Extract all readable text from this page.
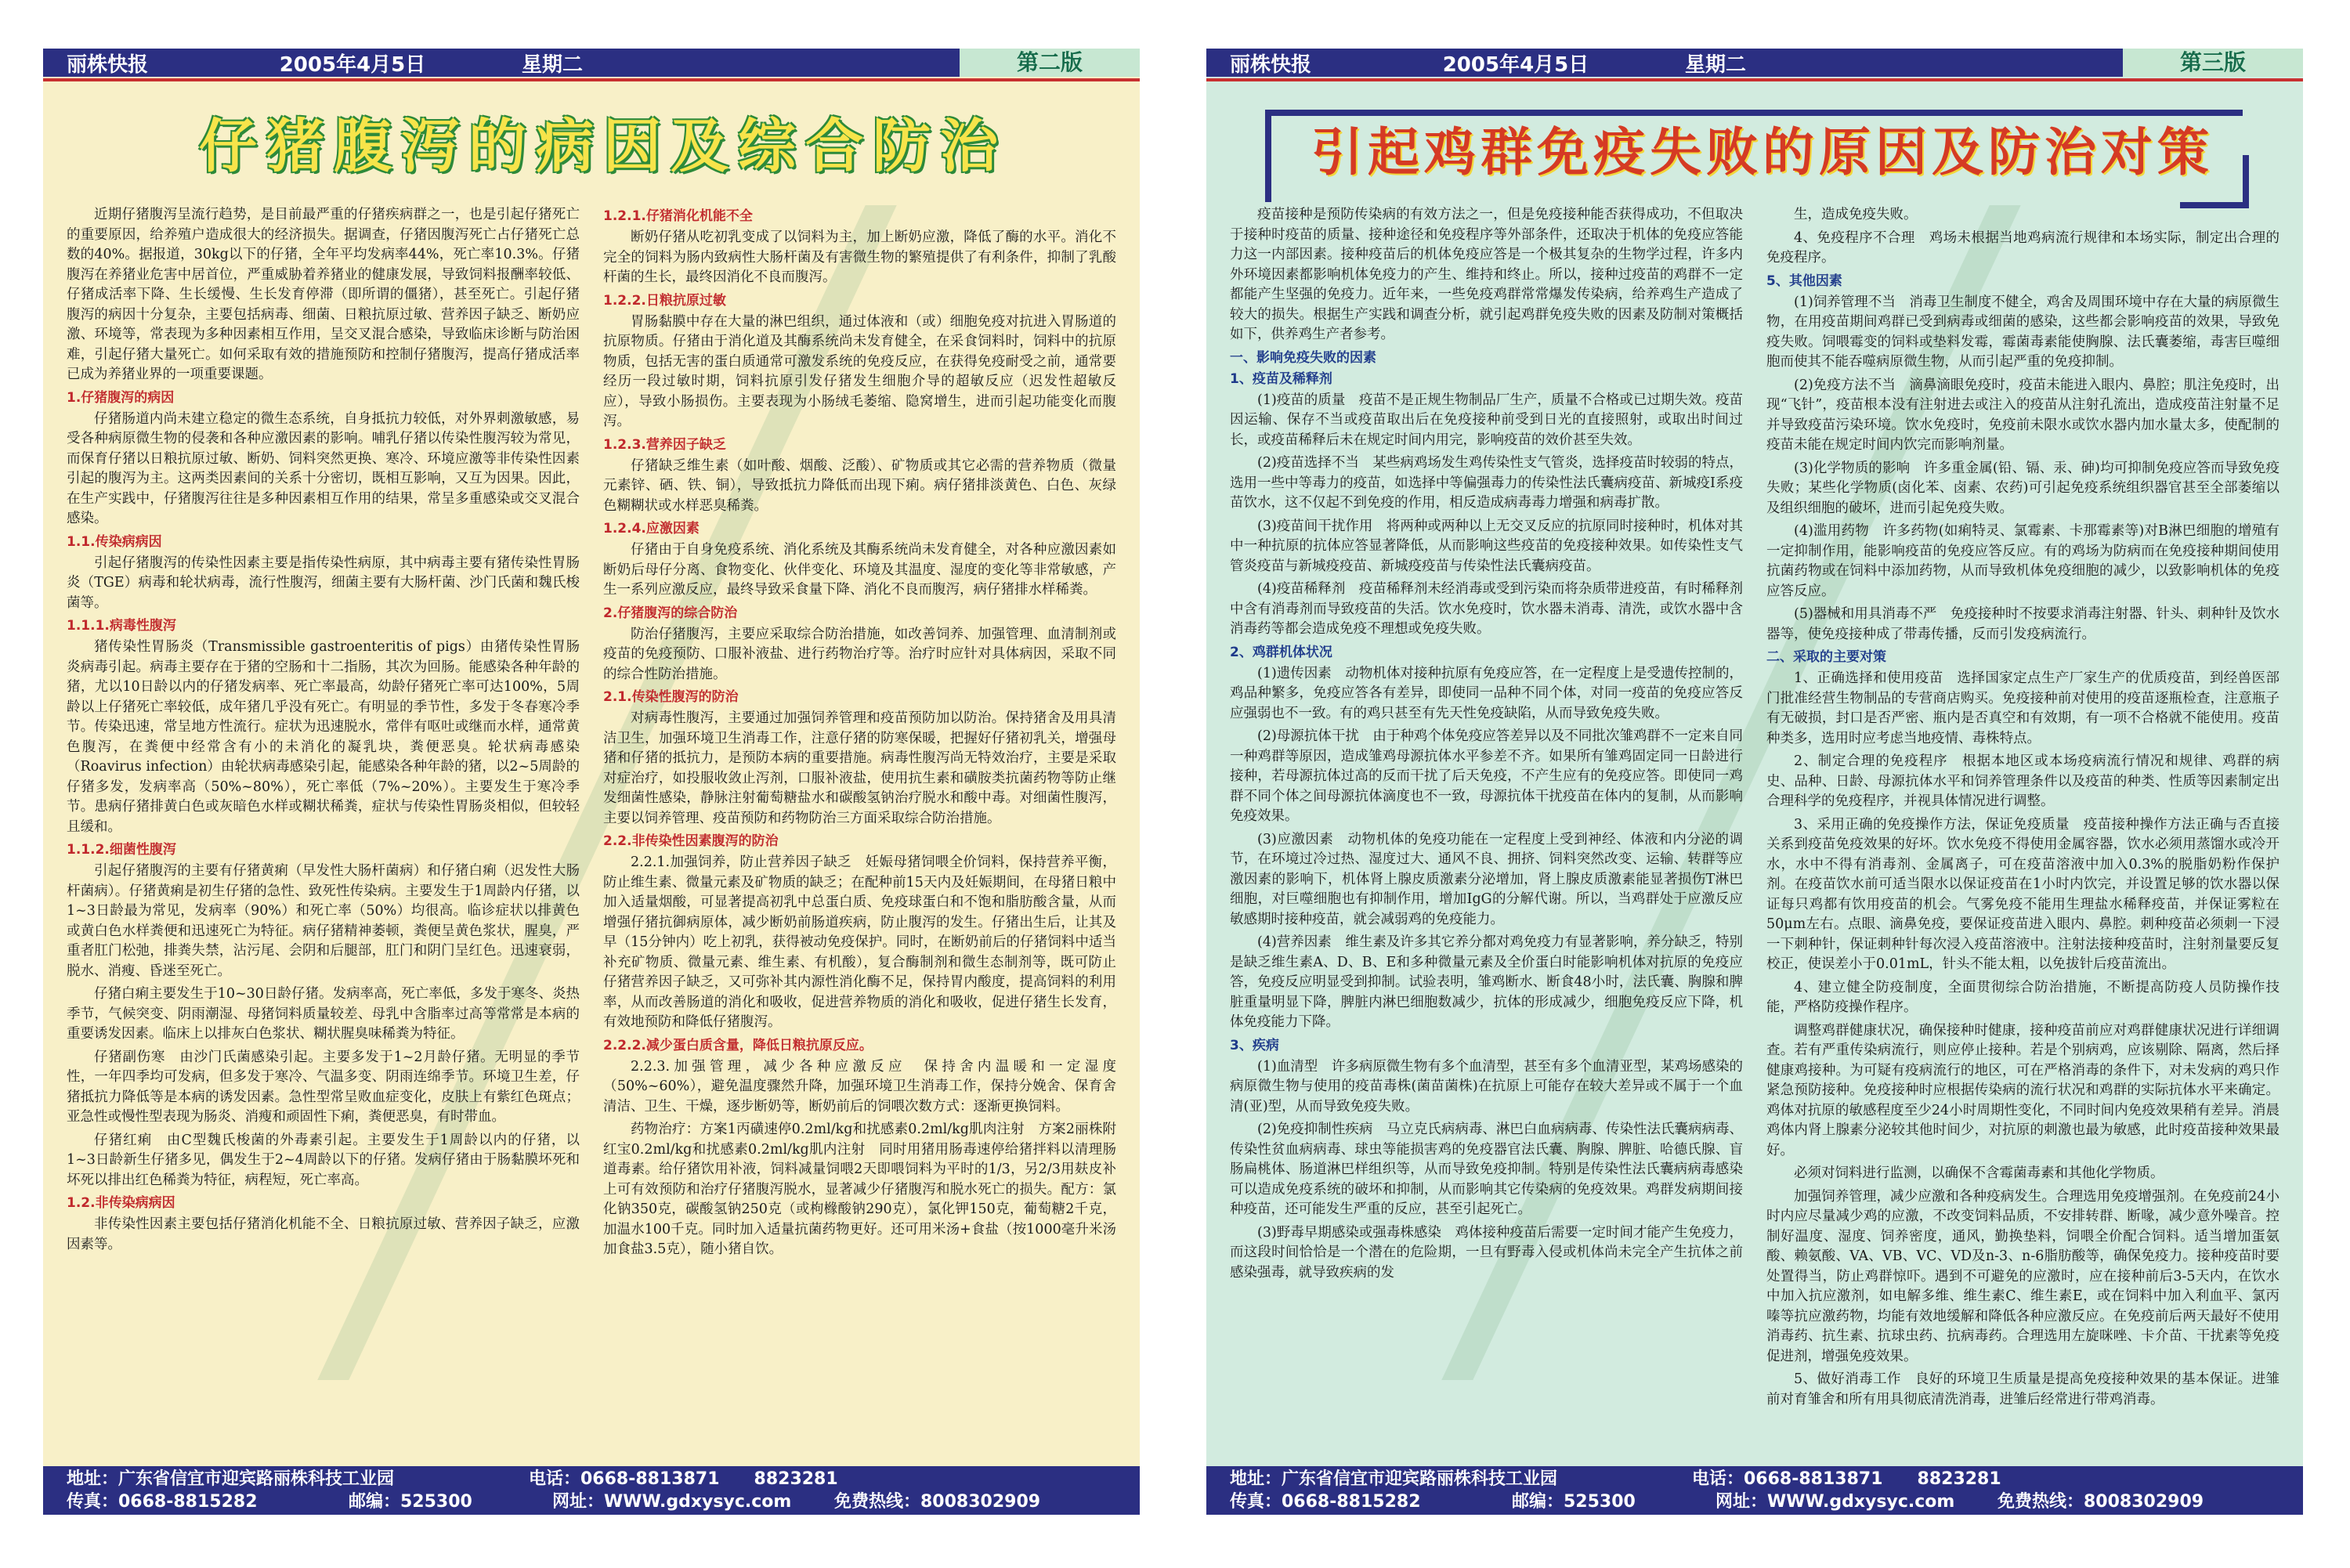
丽株快报	2005年4月5日	星期二	第二版
仔猪腹泻的病因及综合防治

近期仔猪腹泻呈流行趋势，是目前最严重的仔猪疾病群之一，也是引起仔猪死亡的重要原因，给养殖户造成很大的经济损失。据调查，仔猪因腹泻死亡占仔猪死亡总数的40%。据报道，30kg以下的仔猪，全年平均发病率44%，死亡率10.3%。仔猪腹泻在养猪业危害中居首位，严重威胁着养猪业的健康发展，导致饲料报酬率较低、仔猪成活率下降、生长缓慢、生长发育停滞（即所谓的僵猪），甚至死亡。引起仔猪腹泻的病因十分复杂，主要包括病毒、细菌、日粮抗原过敏、营养因子缺乏、断奶应激、环境等，常表现为多种因素相互作用，呈交叉混合感染，导致临床诊断与防治困难，引起仔猪大量死亡。如何采取有效的措施预防和控制仔猪腹泻，提高仔猪成活率已成为养猪业界的一项重要课题。

1.仔猪腹泻的病因

仔猪肠道内尚未建立稳定的微生态系统，自身抵抗力较低，对外界刺激敏感，易受各种病原微生物的侵袭和各种应激因素的影响。哺乳仔猪以传染性腹泻较为常见，而保育仔猪以日粮抗原过敏、断奶、饲料突然更换、寒冷、环境应激等非传染性因素引起的腹泻为主。这两类因素间的关系十分密切，既相互影响，又互为因果。因此，在生产实践中，仔猪腹泻往往是多种因素相互作用的结果，常呈多重感染或交叉混合感染。

1.1.传染病病因

引起仔猪腹泻的传染性因素主要是指传染性病原，其中病毒主要有猪传染性胃肠炎（TGE）病毒和轮状病毒，流行性腹泻，细菌主要有大肠杆菌、沙门氏菌和魏氏梭菌等。

1.1.1.病毒性腹泻

猪传染性胃肠炎（Transmissible gastroenteritis of pigs）由猪传染性胃肠炎病毒引起。病毒主要存在于猪的空肠和十二指肠，其次为回肠。能感染各种年龄的猪，尤以10日龄以内的仔猪发病率、死亡率最高，幼龄仔猪死亡率可达100%，5周龄以上仔猪死亡率较低，成年猪几乎没有死亡。有明显的季节性，多发于冬春寒冷季节。传染迅速，常呈地方性流行。症状为迅速脱水，常伴有呕吐或继而水样，通常黄色腹泻，在粪便中经常含有小的未消化的凝乳块，粪便恶臭。轮状病毒感染（Roavirus infection）由轮状病毒感染引起，能感染各种年龄的猪，以2~5周龄的仔猪多发，发病率高（50%~80%），死亡率低（7%~20%）。主要发生于寒冷季节。患病仔猪排黄白色或灰暗色水样或糊状稀粪，症状与传染性胃肠炎相似，但较轻且缓和。

1.1.2.细菌性腹泻

引起仔猪腹泻的主要有仔猪黄痢（早发性大肠杆菌病）和仔猪白痢（迟发性大肠杆菌病）。仔猪黄痢是初生仔猪的急性、致死性传染病。主要发生于1周龄内仔猪，以1~3日龄最为常见，发病率（90%）和死亡率（50%）均很高。临诊症状以排黄色或黄白色水样粪便和迅速死亡为特征。病仔猪精神萎顿，粪便呈黄色浆状，腥臭，严重者肛门松弛，排粪失禁，沾污尾、会阴和后腿部，肛门和阴门呈红色。迅速衰弱，脱水、消瘦、昏迷至死亡。

仔猪白痢主要发生于10~30日龄仔猪。发病率高，死亡率低，多发于寒冬、炎热季节，气候突变、阴雨潮湿、母猪饲料质量较差、母乳中含脂率过高等常常是本病的重要诱发因素。临床上以排灰白色浆状、糊状腥臭味稀粪为特征。

仔猪副伤寒　由沙门氏菌感染引起。主要多发于1~2月龄仔猪。无明显的季节性，一年四季均可发病，但多发于寒冷、气温多变、阴雨连绵季节。环境卫生差，仔猪抵抗力降低等是本病的诱发因素。急性型常呈败血症变化，皮肤上有紫红色斑点；亚急性或慢性型表现为肠炎、消瘦和顽固性下痢，粪便恶臭，有时带血。

仔猪红痢　由C型魏氏梭菌的外毒素引起。主要发生于1周龄以内的仔猪，以1~3日龄新生仔猪多见，偶发生于2~4周龄以下的仔猪。发病仔猪由于肠黏膜坏死和坏死以排出红色稀粪为特征，病程短，死亡率高。

1.2.非传染病病因

非传染性因素主要包括仔猪消化机能不全、日粮抗原过敏、营养因子缺乏，应激因素等。

1.2.1.仔猪消化机能不全

断奶仔猪从吃初乳变成了以饲料为主，加上断奶应激，降低了酶的水平。消化不完全的饲料为肠内致病性大肠杆菌及有害微生物的繁殖提供了有利条件，抑制了乳酸杆菌的生长，最终因消化不良而腹泻。

1.2.2.日粮抗原过敏

胃肠黏膜中存在大量的淋巴组织，通过体液和（或）细胞免疫对抗进入胃肠道的抗原物质。仔猪由于消化道及其酶系统尚未发育健全，在采食饲料时，饲料中的抗原物质，包括无害的蛋白质通常可激发系统的免疫反应，在获得免疫耐受之前，通常要经历一段过敏时期，饲料抗原引发仔猪发生细胞介导的超敏反应（迟发性超敏反应），导致小肠损伤。主要表现为小肠绒毛萎缩、隐窝增生，进而引起功能变化而腹泻。

1.2.3.营养因子缺乏

仔猪缺乏维生素（如叶酸、烟酸、泛酸）、矿物质或其它必需的营养物质（微量元素锌、硒、铁、铜），导致抵抗力降低而出现下痢。病仔猪排淡黄色、白色、灰绿色糊糊状或水样恶臭稀粪。

1.2.4.应激因素

仔猪由于自身免疫系统、消化系统及其酶系统尚未发育健全，对各种应激因素如断奶后母仔分离、食物变化、伙伴变化、环境及其温度、湿度的变化等非常敏感，产生一系列应激反应，最终导致采食量下降、消化不良而腹泻，病仔猪排水样稀粪。

2.仔猪腹泻的综合防治

防治仔猪腹泻，主要应采取综合防治措施，如改善饲养、加强管理、血清制剂或疫苗的免疫预防、口服补液盐、进行药物治疗等。治疗时应针对具体病因，采取不同的综合性防治措施。

2.1.传染性腹泻的防治

对病毒性腹泻，主要通过加强饲养管理和疫苗预防加以防治。保持猪舍及用具清洁卫生，加强环境卫生消毒工作，注意仔猪的防寒保暖，把握好仔猪初乳关，增强母猪和仔猪的抵抗力，是预防本病的重要措施。病毒性腹泻尚无特效治疗，主要是采取对症治疗，如投服收敛止泻剂，口服补液盐，使用抗生素和磺胺类抗菌药物等防止继发细菌性感染，静脉注射葡萄糖盐水和碳酸氢钠治疗脱水和酸中毒。对细菌性腹泻，主要以饲养管理、疫苗预防和药物防治三方面采取综合防治措施。

2.2.非传染性因素腹泻的防治

2.2.1.加强饲养，防止营养因子缺乏　妊娠母猪饲喂全价饲料，保持营养平衡，防止维生素、微量元素及矿物质的缺乏；在配种前15天内及妊娠期间，在母猪日粮中加入适量烟酸，可显著提高初乳中总蛋白质、免疫球蛋白和不饱和脂肪酸含量，从而增强仔猪抗御病原体，减少断奶前肠道疾病，防止腹泻的发生。仔猪出生后，让其及早（15分钟内）吃上初乳，获得被动免疫保护。同时，在断奶前后的仔猪饲料中适当补充矿物质、微量元素、维生素、有机酸），复合酶制剂和微生态制剂等，既可防止仔猪营养因子缺乏，又可弥补其内源性消化酶不足，保持胃内酸度，提高饲料的利用率，从而改善肠道的消化和吸收，促进营养物质的消化和吸收，促进仔猪生长发育，有效地预防和降低仔猪腹泻。

2.2.2.减少蛋白质含量，降低日粮抗原反应。

2.2.3.加强管理，减少各种应激反应　保持舍内温暖和一定湿度（50%~60%），避免温度骤然升降，加强环境卫生消毒工作，保持分娩舍、保育舍清洁、卫生、干燥，逐步断奶等，断奶前后的饲喂次数方式：逐渐更换饲料。

药物治疗：方案1丙磺速停0.2ml/kg和扰感素0.2ml/kg肌肉注射　方案2丽株附红宝0.2ml/kg和扰感素0.2ml/kg肌内注射　同时用猪用肠毒速停给猪拌料以清理肠道毒素。给仔猪饮用补液，饲料减量饲喂2天即喂饲料为平时的1/3，另2/3用麸皮补上可有效预防和治疗仔猪腹泻脱水，显著减少仔猪腹泻和脱水死亡的损失。配方：氯化钠350克，碳酸氢钠250克（或枸橼酸钠290克），氯化钾150克，葡萄糖2千克，加温水100千克。同时加入适量抗菌药物更好。还可用米汤+食盐（按1000毫升米汤加食盐3.5克），随小猪自饮。

地址：广东省信宜市迎宾路丽株科技工业园	电话：0668-8813871　　8823281
传真：0668-8815282	邮编：525300	网址：WWW.gdxysyc.com	免费热线：8008302909
丽株快报	2005年4月5日	星期二	第三版
引起鸡群免疫失败的原因及防治对策

疫苗接种是预防传染病的有效方法之一，但是免疫接种能否获得成功，不但取决于接种时疫苗的质量、接种途径和免疫程序等外部条件，还取决于机体的免疫应答能力这一内部因素。接种疫苗后的机体免疫应答是一个极其复杂的生物学过程，许多内外环境因素都影响机体免疫力的产生、维持和终止。所以，接种过疫苗的鸡群不一定都能产生坚强的免疫力。近年来，一些免疫鸡群常常爆发传染病，给养鸡生产造成了较大的损失。根据生产实践和调查分析，就引起鸡群免疫失败的因素及防制对策概括如下，供养鸡生产者参考。

一、影响免疫失败的因素
1、疫苗及稀释剂

(1)疫苗的质量　疫苗不是正规生物制品厂生产，质量不合格或已过期失效。疫苗因运输、保存不当或疫苗取出后在免疫接种前受到日光的直接照射，或取出时间过长，或疫苗稀释后未在规定时间内用完，影响疫苗的效价甚至失效。

(2)疫苗选择不当　某些病鸡场发生鸡传染性支气管炎，选择疫苗时较弱的特点，选用一些中等毒力的疫苗，如选择中等偏强毒力的传染性法氏囊病疫苗、新城疫Ⅰ系疫苗饮水，这不仅起不到免疫的作用，相反造成病毒毒力增强和病毒扩散。

(3)疫苗间干扰作用　将两种或两种以上无交叉反应的抗原同时接种时，机体对其中一种抗原的抗体应答显著降低，从而影响这些疫苗的免疫接种效果。如传染性支气管炎疫苗与新城疫疫苗、新城疫疫苗与传染性法氏囊病疫苗。

(4)疫苗稀释剂　疫苗稀释剂未经消毒或受到污染而将杂质带进疫苗，有时稀释剂中含有消毒剂而导致疫苗的失活。饮水免疫时，饮水器未消毒、清洗，或饮水器中含消毒药等都会造成免疫不理想或免疫失败。

2、鸡群机体状况

(1)遗传因素　动物机体对接种抗原有免疫应答，在一定程度上是受遗传控制的，鸡品种繁多，免疫应答各有差异，即使同一品种不同个体，对同一疫苗的免疫应答反应强弱也不一致。有的鸡只甚至有先天性免疫缺陷，从而导致免疫失败。

(2)母源抗体干扰　由于种鸡个体免疫应答差异以及不同批次雏鸡群不一定来自同一种鸡群等原因，造成雏鸡母源抗体水平参差不齐。如果所有雏鸡固定同一日龄进行接种，若母源抗体过高的反而干扰了后天免疫，不产生应有的免疫应答。即使同一鸡群不同个体之间母源抗体滴度也不一致，母源抗体干扰疫苗在体内的复制，从而影响免疫效果。

(3)应激因素　动物机体的免疫功能在一定程度上受到神经、体液和内分泌的调节，在环境过冷过热、湿度过大、通风不良、拥挤、饲料突然改变、运输、转群等应激因素的影响下，机体肾上腺皮质激素分泌增加，肾上腺皮质激素能显著损伤T淋巴细胞，对巨噬细胞也有抑制作用，增加IgG的分解代谢。所以，当鸡群处于应激反应敏感期时接种疫苗，就会减弱鸡的免疫能力。

(4)营养因素　维生素及许多其它养分都对鸡免疫力有显著影响，养分缺乏，特别是缺乏维生素A、D、B、E和多种微量元素及全价蛋白时能影响机体对抗原的免疫应答，免疫反应明显受到抑制。试验表明，雏鸡断水、断食48小时，法氏囊、胸腺和脾脏重量明显下降，脾脏内淋巴细胞数减少，抗体的形成减少，细胞免疫反应下降，机体免疫能力下降。

3、疾病

(1)血清型　许多病原微生物有多个血清型，甚至有多个血清亚型，某鸡场感染的病原微生物与使用的疫苗毒株(菌苗菌株)在抗原上可能存在较大差异或不属于一个血清(亚)型，从而导致免疫失败。

(2)免疫抑制性疾病　马立克氏病病毒、淋巴白血病病毒、传染性法氏囊病病毒、传染性贫血病病毒、球虫等能损害鸡的免疫器官法氏囊、胸腺、脾脏、哈德氏腺、盲肠扁桃体、肠道淋巴样组织等，从而导致免疫抑制。特别是传染性法氏囊病病毒感染可以造成免疫系统的破坏和抑制，从而影响其它传染病的免疫效果。鸡群发病期间接种疫苗，还可能发生严重的反应，甚至引起死亡。

(3)野毒早期感染或强毒株感染　鸡体接种疫苗后需要一定时间才能产生免疫力，而这段时间恰恰是一个潜在的危险期，一旦有野毒入侵或机体尚未完全产生抗体之前感染强毒，就导致疾病的发

生，造成免疫失败。

4、免疫程序不合理　鸡场未根据当地鸡病流行规律和本场实际，制定出合理的免疫程序。

5、其他因素

(1)饲养管理不当　消毒卫生制度不健全，鸡舍及周围环境中存在大量的病原微生物，在用疫苗期间鸡群已受到病毒或细菌的感染，这些都会影响疫苗的效果，导致免疫失败。饲喂霉变的饲料或垫料发霉，霉菌毒素能使胸腺、法氏囊萎缩，毒害巨噬细胞而使其不能吞噬病原微生物，从而引起严重的免疫抑制。

(2)免疫方法不当　滴鼻滴眼免疫时，疫苗未能进入眼内、鼻腔；肌注免疫时，出现“飞针”，疫苗根本没有注射进去或注入的疫苗从注射孔流出，造成疫苗注射量不足并导致疫苗污染环境。饮水免疫时，免疫前未限水或饮水器内加水量太多，使配制的疫苗未能在规定时间内饮完而影响剂量。

(3)化学物质的影响　许多重金属(铅、镉、汞、砷)均可抑制免疫应答而导致免疫失败；某些化学物质(卤化苯、卤素、农药)可引起免疫系统组织器官甚至全部萎缩以及组织细胞的破坏，进而引起免疫失败。

(4)滥用药物　许多药物(如痢特灵、氯霉素、卡那霉素等)对B淋巴细胞的增殖有一定抑制作用，能影响疫苗的免疫应答反应。有的鸡场为防病而在免疫接种期间使用抗菌药物或在饲料中添加药物，从而导致机体免疫细胞的减少，以致影响机体的免疫应答反应。

(5)器械和用具消毒不严　免疫接种时不按要求消毒注射器、针头、刺种针及饮水器等，使免疫接种成了带毒传播，反而引发疫病流行。

二、采取的主要对策

1、正确选择和使用疫苗　选择国家定点生产厂家生产的优质疫苗，到经兽医部门批准经营生物制品的专营商店购买。免疫接种前对使用的疫苗逐瓶检查，注意瓶子有无破损，封口是否严密、瓶内是否真空和有效期，有一项不合格就不能使用。疫苗种类多，选用时应考虑当地疫情、毒株特点。

2、制定合理的免疫程序　根据本地区或本场疫病流行情况和规律、鸡群的病史、品种、日龄、母源抗体水平和饲养管理条件以及疫苗的种类、性质等因素制定出合理科学的免疫程序，并视具体情况进行调整。

3、采用正确的免疫操作方法，保证免疫质量　疫苗接种操作方法正确与否直接关系到疫苗免疫效果的好坏。饮水免疫不得使用金属容器，饮水必须用蒸馏水或冷开水，水中不得有消毒剂、金属离子，可在疫苗溶液中加入0.3%的脱脂奶粉作保护剂。在疫苗饮水前可适当限水以保证疫苗在1小时内饮完，并设置足够的饮水器以保证每只鸡都有饮用疫苗的机会。气雾免疫不能用生理盐水稀释疫苗，并保证雾粒在50μm左右。点眼、滴鼻免疫，要保证疫苗进入眼内、鼻腔。刺种疫苗必须刺一下浸一下刺种针，保证刺种针每次浸入疫苗溶液中。注射法接种疫苗时，注射剂量要反复校正，使误差小于0.01mL，针头不能太粗，以免拔针后疫苗流出。

4、建立健全防疫制度，全面贯彻综合防治措施，不断提高防疫人员防操作技能，严格防疫操作程序。

调整鸡群健康状况，确保接种时健康，接种疫苗前应对鸡群健康状况进行详细调查。若有严重传染病流行，则应停止接种。若是个别病鸡，应该剔除、隔离，然后择健康鸡接种。为可疑有疫病流行的地区，可在严格消毒的条件下，对未发病的鸡只作紧急预防接种。免疫接种时应根据传染病的流行状况和鸡群的实际抗体水平来确定。鸡体对抗原的敏感程度至少24小时周期性变化，不同时间内免疫效果稍有差异。消晨鸡体内肾上腺素分泌较其他时间少，对抗原的刺激也最为敏感，此时疫苗接种效果最好。

必须对饲料进行监测，以确保不含霉菌毒素和其他化学物质。

加强饲养管理，减少应激和各种疫病发生。合理选用免疫增强剂。在免疫前24小时内应尽量减少鸡的应激，不改变饲料品质，不安排转群、断喙，减少意外噪音。控制好温度、湿度、饲养密度，通风，勤换垫料，饲喂全价配合饲料。适当增加蛋氨酸、赖氨酸、VA、VB、VC、VD及n-3、n-6脂肪酸等，确保免疫力。接种疫苗时要处置得当，防止鸡群惊吓。遇到不可避免的应激时，应在接种前后3-5天内，在饮水中加入抗应激剂，如电解多维、维生素C、维生素E，或在饲料中加入利血平、氯丙嗪等抗应激药物，均能有效地缓解和降低各种应激反应。在免疫前后两天最好不使用消毒药、抗生素、抗球虫药、抗病毒药。合理选用左旋咪唑、卡介苗、干扰素等免疫促进剂，增强免疫效果。

5、做好消毒工作　良好的环境卫生质量是提高免疫接种效果的基本保证。进雏前对育雏舍和所有用具彻底清洗消毒，进雏后经常进行带鸡消毒。

地址：广东省信宜市迎宾路丽株科技工业园	电话：0668-8813871　　8823281
传真：0668-8815282	邮编：525300	网址：WWW.gdxysyc.com	免费热线：8008302909
